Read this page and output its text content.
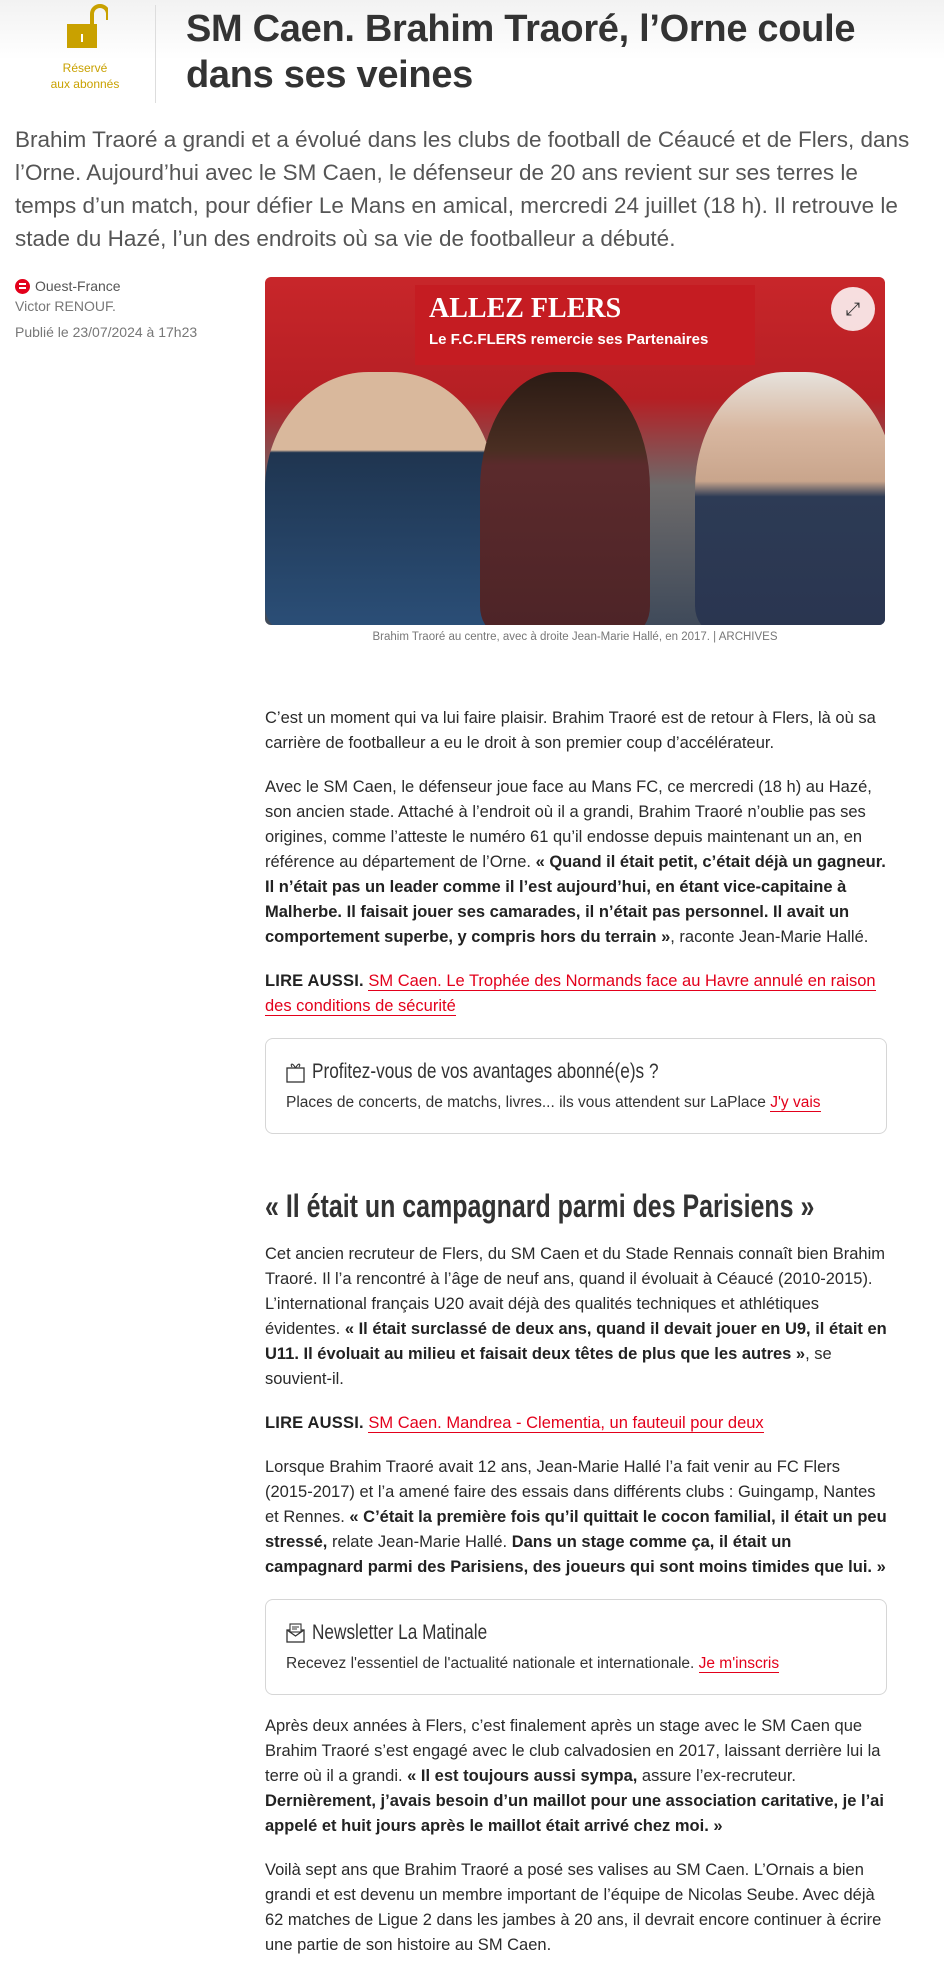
Réservé
aux abonnés
SM Caen. Brahim Traoré, l’Orne coule dans ses veines

Brahim Traoré a grandi et a évolué dans les clubs de football de Céaucé et de Flers, dans l’Orne. Aujourd’hui avec le SM Caen, le défenseur de 20 ans revient sur ses terres le temps d’un match, pour défier Le Mans en amical, mercredi 24 juillet (18 h). Il retrouve le stade du Hazé, l’un des endroits où sa vie de footballeur a débuté.

Ouest-France
Victor RENOUF.
Publié le 23/07/2024 à 17h23
ALLEZ FLERS
Le F.C.FLERS remercie ses Partenaires
⤢
Brahim Traoré au centre, avec à droite Jean-Marie Hallé, en 2017. | ARCHIVES

C’est un moment qui va lui faire plaisir. Brahim Traoré est de retour à Flers, là où sa carrière de footballeur a eu le droit à son premier coup d’accélérateur.

Avec le SM Caen, le défenseur joue face au Mans FC, ce mercredi (18 h) au Hazé, son ancien stade. Attaché à l’endroit où il a grandi, Brahim Traoré n’oublie pas ses origines, comme l’atteste le numéro 61 qu’il endosse depuis maintenant un an, en référence au département de l’Orne. « Quand il était petit, c’était déjà un gagneur. Il n’était pas un leader comme il l’est aujourd’hui, en étant vice-capitaine à Malherbe. Il faisait jouer ses camarades, il n’était pas personnel. Il avait un comportement superbe, y compris hors du terrain », raconte Jean-Marie Hallé.

LIRE AUSSI. SM Caen. Le Trophée des Normands face au Havre annulé en raison des conditions de sécurité

Profitez-vous de vos avantages abonné(e)s ?
Places de concerts, de matchs, livres... ils vous attendent sur LaPlace J'y vais
« Il était un campagnard parmi des Parisiens »

Cet ancien recruteur de Flers, du SM Caen et du Stade Rennais connaît bien Brahim Traoré. Il l’a rencontré à l’âge de neuf ans, quand il évoluait à Céaucé (2010-2015). L’international français U20 avait déjà des qualités techniques et athlétiques évidentes. « Il était surclassé de deux ans, quand il devait jouer en U9, il était en U11. Il évoluait au milieu et faisait deux têtes de plus que les autres », se souvient-il.

LIRE AUSSI. SM Caen. Mandrea - Clementia, un fauteuil pour deux

Lorsque Brahim Traoré avait 12 ans, Jean-Marie Hallé l’a fait venir au FC Flers (2015-2017) et l’a amené faire des essais dans différents clubs : Guingamp, Nantes et Rennes. « C’était la première fois qu’il quittait le cocon familial, il était un peu stressé, relate Jean-Marie Hallé. Dans un stage comme ça, il était un campagnard parmi des Parisiens, des joueurs qui sont moins timides que lui. »

Newsletter La Matinale
Recevez l'essentiel de l'actualité nationale et internationale. Je m'inscris

Après deux années à Flers, c’est finalement après un stage avec le SM Caen que Brahim Traoré s’est engagé avec le club calvadosien en 2017, laissant derrière lui la terre où il a grandi. « Il est toujours aussi sympa, assure l’ex-recruteur. Dernièrement, j’avais besoin d’un maillot pour une association caritative, je l’ai appelé et huit jours après le maillot était arrivé chez moi. »

Voilà sept ans que Brahim Traoré a posé ses valises au SM Caen. L’Ornais a bien grandi et est devenu un membre important de l’équipe de Nicolas Seube. Avec déjà 62 matches de Ligue 2 dans les jambes à 20 ans, il devrait encore continuer à écrire une partie de son histoire au SM Caen.
